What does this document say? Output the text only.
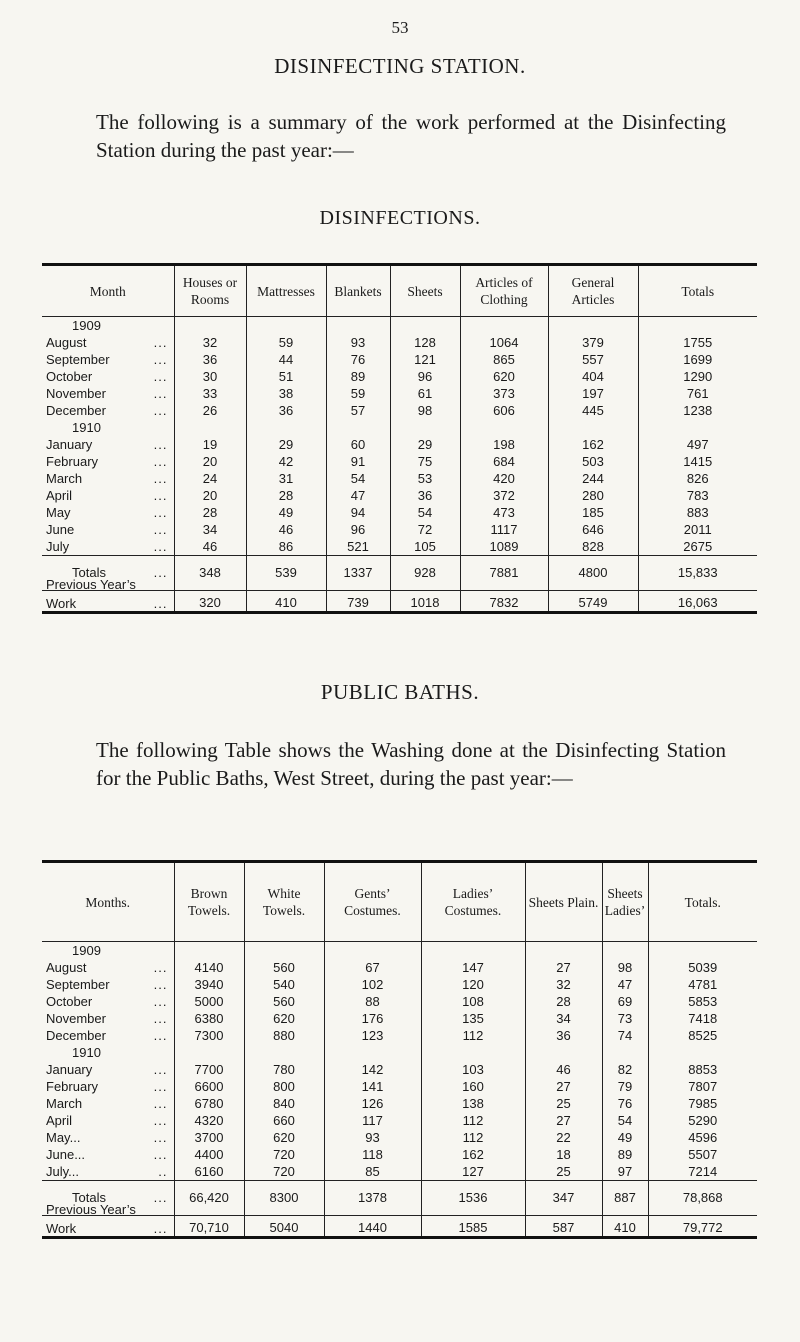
53
DISINFECTING STATION.
The following is a summary of the work performed at the Disinfecting Station during the past year:—
DISINFECTIONS.
Month	Houses or Rooms	Mattresses	Blankets	Sheets	Articles of Clothing	General Articles	Totals
1909							
August ...	32	59	93	128	1064	379	1755
September ...	36	44	76	121	865	557	1699
October ...	30	51	89	96	620	404	1290
November ...	33	38	59	61	373	197	761
December ...	26	36	57	98	606	445	1238
1910							
January ...	19	29	60	29	198	162	497
February ...	20	42	91	75	684	503	1415
March ...	24	31	54	53	420	244	826
April ...	20	28	47	36	372	280	783
May ...	28	49	94	54	473	185	883
June ...	34	46	96	72	1117	646	2011
July ...	46	86	521	105	1089	828	2675
Totals ...	348	539	1337	928	7881	4800	15,833

Previous Year’s
Work ...	320	410	739	1018	7832	5749	16,063
PUBLIC BATHS.
The following Table shows the Washing done at the Disinfecting Station for the Public Baths, West Street, during the past year:—
Months.	Brown Towels.	White Towels.	Gents’ Costumes.	Ladies’ Costumes.	Sheets Plain.	Sheets Ladies’	Totals.
1909							
August ...	4140	560	67	147	27	98	5039
September ...	3940	540	102	120	32	47	4781
October ...	5000	560	88	108	28	69	5853
November ...	6380	620	176	135	34	73	7418
December ...	7300	880	123	112	36	74	8525
1910							
January ...	7700	780	142	103	46	82	8853
February ...	6600	800	141	160	27	79	7807
March ...	6780	840	126	138	25	76	7985
April ...	4320	660	117	112	27	54	5290
May... ...	3700	620	93	112	22	49	4596
June... ...	4400	720	118	162	18	89	5507
July... ..	6160	720	85	127	25	97	7214
Totals ...	66,420	8300	1378	1536	347	887	78,868

Previous Year’s
Work ...	70,710	5040	1440	1585	587	410	79,772
